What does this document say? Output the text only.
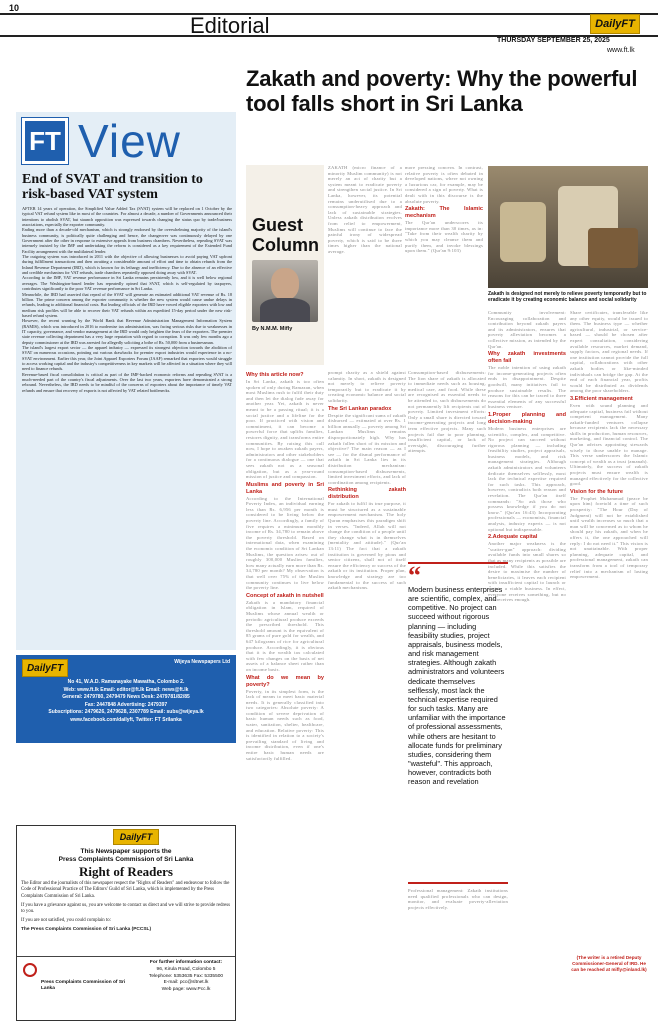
10
Editorial	DailyFT
THURSDAY SEPTEMBER 25, 2025
www.ft.lk
FT View
End of SVAT and transition to risk-based VAT system

AFTER 14 years of operation, the Simplified Value Added Tax (SVAT) system will be replaced on 1 October by the typical VAT refund system like in most of the countries. For almost a decade, a number of Governments announced their intentions to abolish SVAT, but staunch opposition was expressed towards changing the status quo by trade/business associations, especially the exporter community.

Ending more than a decade-old mechanism, which is strongly endorsed by the overwhelming majority of the island's business community, is politically quite challenging and hence, the changeover was continuously delayed by one Government after the other in response to extensive appeals from business chambers. Nevertheless, repealing SVAT was intensely insisted by the IMF and undertaking the reform is considered as a key requirement of the Extended Fund Facility arrangement with the multilateral lender.

The outgoing system was introduced in 2011 with the objective of allowing businesses to avoid paying VAT upfront during fulfillment transactions and then awaiting a considerable amount of effort and time to obtain refunds from the Inland Revenue Department (IRD), which is known for its lethargy and inefficiency. Due to the absence of an effective and credible mechanism for VAT refunds, trade chambers repeatedly opposed doing away with SVAT.

According to the IMF, VAT revenue performance in Sri Lanka remains persistently low, and it is well below regional averages. The Washington-based lender has repeatedly opined that SVAT, which is self-regulated by taxpayers, contributes significantly to the poor VAT revenue performance in Sri Lanka.

Meanwhile, the IRD had asserted that repeal of the SVAT will generate an estimated additional VAT revenue of Rs. 18 billion. The prime concern among the exporter community is whether the new system would cause undue delays in refunds, leading to additional financial costs. But leading officials of the IRD have vowed eligible exporters with low and medium risk profiles will be able to recover their VAT refunds within an expedited 15-day period under the new risk-based refund system.

However, the recent warning by the World Bank that Revenue Administration Management Information System (RAMIS), which was introduced in 2016 to modernise tax administration, was facing serious risks due to weaknesses in IT capacity, governance, and vendor management at the IRD would only heighten the fears of the exporters. The premier state revenue collecting department has a very large reputation with regard to corruption. It was only few months ago a deputy commissioner at the IRD was arrested for allegedly soliciting a bribe of Rs. 50,000 from a businessman.

The island's largest export sector — the apparel industry — expressed its strongest objection towards the abolition of SVAT on numerous occasions, pointing out various drawbacks for premier export industries would experience in a no-SVAT environment. Earlier this year, the Joint Apparel Exporters Forum (JAAF) remarked that exporters would struggle to access working capital and the industry's competitiveness in key markets will be affected in a situation where they will need to finance refunds.

Revenue-based fiscal consolidation is critical as part of the IMF-backed economic reforms and repealing SVAT is a much-needed part of the country's fiscal adjustments. Over the last two years, exporters have demonstrated a strong rebound. Nevertheless, the IRD needs to be mindful of the concerns of exporters about the importance of timely VAT refunds and ensure that recovery of exports is not affected by VAT related bottlenecks.

DailyFT
Wijeya Newspapers Ltd
No 41, W.A.D. Ramanayake Mawatha, Colombo 2.
Web: www.ft.lk Email: editor@ft.lk Email: news@ft.lk
General: 2479780, 2479479 News Desk: 2479781/82/85
Fax: 2447848 Advertising: 2479397
Subscriptions: 2479626, 2479628, 2307789 Email: subs@wijeya.lk
www.facebook.com/dailyft, Twitter: FT Srilanka
DailyFT
This Newspaper supports the
Press Complaints Commission of Sri Lanka
Right of Readers

The Editor and the journalists of this newspaper respect the "Rights of Readers" and endeavour to follow the Code of Professional Practice of The Editors' Guild of Sri Lanka, which is implemented by the Press Complaints Commission of Sri Lanka.

If you have a grievance against us, you are welcome to contact us direct and we will strive to provide redress to you.

If you are not satisfied, you could complain to:

The Press Complaints Commission of Sri Lanka (PCCSL)

Press Complaints Commission of Sri Lanka
For further information contact:
96, Kirula Road, Colombo 5
Telephone: 5353635 Fax: 5335500
E-mail: pcc@sltnet.lk
Web page: www.Pcc.lk
Zakath and poverty: Why the powerful tool falls short in Sri Lanka
Guest
Column
By N.M.M. Mifly
ZAKATH (micro finance of a minority Muslim community) is not merely an act of charity but a system meant to eradicate poverty and strengthen social justice. In Sri Lanka, however, its potential remains underutilised due to a consumption-heavy approach and lack of sustainable strategies. Unless zakath distribution evolves from relief to empowerment, Muslims will continue to face the painful irony of widespread poverty, which is said to be three times higher than the national average.
more pressing concern. In contrast, relative poverty is often debated in developed nations, where not owning a luxurious car, for example, may be considered a sign of poverty. What is dealt with in this discourse is the absolute poverty.
Zakath: The Islamic mechanism
The Qur'an underscores its importance more than 30 times, as in: "Take from their wealth charity by which you may cleanse them and purify them, and invoke blessings upon them." (Qur'an 9:103)
Why this article now?
In Sri Lanka, zakath is too often spoken of only during Ramazan, when most Muslims rush to fulfil their duty and then let the dialog fade away for another year. Yet, zakath is never meant to be a passing ritual; it is a social justice and a lifeline for the poor. If practiced with vision and commitment, it can become a powerful force that uplifts families, restores dignity, and transforms entire communities. By raising this call now, I hope to awaken zakath payers, administrators and other stakeholders for a continuous dialogue — one that sees zakath not as a seasonal obligation, but as a year-round mission of justice and compassion.
Muslims and poverty in Sri Lanka
According to the International Poverty Index, an individual earning less than Rs. 6,956 per month is considered to be living below the poverty line. Accordingly, a family of five requires a minimum monthly income of Rs. 34,780 to remain above the poverty threshold. Based on international data, when examining the economic condition of Sri Lankan Muslims, the question arises: out of roughly 300,000 Muslim families, how many actually earn more than Rs. 34,780 per month? My observation is that well over 75% of the Muslim community continues to live below the poverty line.
Concept of zakath in nutshell
Zakath is a mandatory financial obligation in Islam, required of Muslims whose annual wealth or periodic agricultural produce exceeds the prescribed threshold. This threshold amount is the equivalent of 85 grams of pure gold for wealth, and 647 kilograms of rice for agricultural produce. Accordingly, it is obvious that it is the wealth tax calculated with few changes on the basis of net assets of a balance sheet rather than on income basis.
What do we mean by poverty?
Poverty, in its simplest form, is the lack of means to meet basic material needs. It is generally classified into two categories: Absolute poverty: A condition of severe deprivation of basic human needs such as food, water, sanitation, shelter, healthcare, and education. Relative poverty: This is identified in relation to a society's prevailing standard of living and income distribution, even if one's entire basic human needs are satisfactorily fulfilled.
prompt charity as a shield against calamity. In short, zakath is designed not merely to relieve poverty temporarily but to eradicate it by creating economic balance and social solidarity.
The Sri Lankan paradox
Despite the significant sums of zakath disbursed — estimated at over Rs. 1 billion annually — poverty among Sri Lankan Muslims remains disproportionately high. Why has zakath fallen short of its mission and objective? The main reason — as I see — for the dismal performance of zakath in Sri Lanka lies in its distribution mechanism: consumption-based disbursements, limited investment efforts, and lack of coordination among recipients.
Rethinking zakath distribution
For zakath to fulfil its true purpose, it must be structured as a sustainable empowerment mechanism. The holy Quran emphasises this paradigm shift in verses. "Indeed, Allah will not change the condition of a people until they change what is in themselves (mentality and attitude)." (Qur'an 13:11) The fact that a zakath institution is governed by pious and senior citizens, shall not of itself ensure the efficiency or success of the zakath or its institution. Proper plan, knowledge and strategy are too fundamental to the success of such zakath mechanisms.	“
Modern business enterprises are scientific, complex, and competitive. No project can succeed without rigorous planning — including feasibility studies, project appraisals, business models, and risk management strategies. Although zakath administrators and volunteers dedicate themselves selflessly, most lack the technical expertise required for such tasks. Many are unfamiliar with the importance of professional assessments, while others are hesitant to allocate funds for preliminary studies, considering them "wasteful". This approach, however, contradicts both reason and revelation
Consumption-based disbursements: The lion share of zakath is allocated to immediate needs such as housing, medical care, and food. While these are recognised as essential needs to be attended to, such disbursements do not permanently lift recipients out of poverty. Limited investment efforts: Only a small share is directed toward income-generating projects and long term effective projects. Many such projects fail due to poor planning, insufficient capital, or lack of oversight, discouraging further attempts.
Professional management: Zakath institutions need qualified professionals who can design, monitor, and evaluate poverty-alleviation projects effectively.
Zakath is designed not merely to relieve poverty temporarily but to eradicate it by creating economic balance and social solidarity
Community involvement: Encouraging collaboration and contribution beyond zakath payers and its administrators, ensures that poverty alleviation becomes a collective mission, as intended by the Qur'an.
Why zakath investments often fail
The noble intention of using zakath for income-generating projects often ends in disappointment. Despite goodwill, many initiatives fail to produce sustainable results. The reasons for this can be traced to three essential elements of any successful business venture.
1.Proper planning and decision-making
Modern business enterprises are scientific, complex, and competitive. No project can succeed without rigorous planning — including feasibility studies, project appraisals, business models, and risk management strategies. Although zakath administrators and volunteers dedicate themselves selflessly, most lack the technical expertise required for such tasks. This approach, however, contradicts both reason and revelation. The Qur'an itself commands: "So ask those who possess knowledge if you do not know." (Qur'an 16:43) Incorporating professionals — economists, financial analysts, industry experts — is not optional but indispensable.
2.Adequate capital
Another major weakness is the "scatter-gun" approach: dividing available funds into small shares so that as many recipients as possible are included. While this satisfies the desire to maximise the number of beneficiaries, it leaves each recipient with insufficient capital to launch or sustain a viable business. In effect, everyone receives something, but no one receives enough.
Share certificates, transferable like any other equity, would be issued to them. The business type — whether agricultural, industrial, or service-based — should be chosen after expert consultation, considering available resources, market demand, supply factors, and regional needs. If one institution cannot provide the full capital, collaborations with other zakath bodies or like-minded individuals can bridge the gap. At the end of each financial year, profits would be distributed as dividends among the poor shareholders.
3.Efficient management
Even with sound planning and adequate capital, business fail without competent management. Many zakath-funded ventures collapse because recipients lack the necessary skills in production, human resources, marketing, and financial control. The Qur'an advises appointing stewards wisely to those unable to manage. This verse underscores the Islamic concept of wealth as a trust (amanah). Ultimately, the success of zakath projects must ensure wealth is managed effectively for the collective good.
Vision for the future
The Prophet Muhammad (peace be upon him) foretold a time of such prosperity: "The Hour (Day of Judgment) will not be established until wealth increases so much that a man will be concerned as to whom he should pay his zakath, and when he offers it, the one approached will reply: I do not need it." This vision is not unattainable. With proper planning, adequate capital, and professional management, zakath can transform from a tool of temporary relief into a mechanism of lasting empowerment.
(The writer is a retired Deputy Commissioner-General of IRD. He can be reached at mifly@inland.lk)
